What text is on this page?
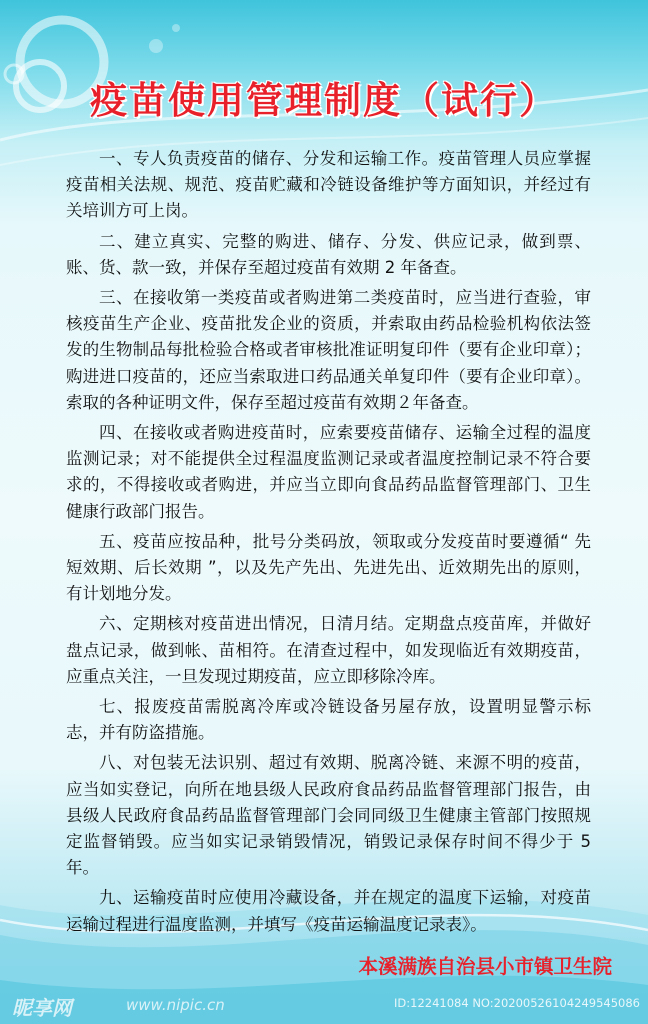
疫苗使用管理制度（试行）

一、专人负责疫苗的储存、分发和运输工作。疫苗管理人员应掌握疫苗相关法规、规范、疫苗贮藏和冷链设备维护等方面知识，并经过有关培训方可上岗。

二、建立真实、完整的购进、储存、分发、供应记录，做到票、账、货、款一致，并保存至超过疫苗有效期 2 年备查。

三、在接收第一类疫苗或者购进第二类疫苗时，应当进行查验，审核疫苗生产企业、疫苗批发企业的资质，并索取由药品检验机构依法签发的生物制品每批检验合格或者审核批准证明复印件（要有企业印章）；购进进口疫苗的，还应当索取进口药品通关单复印件（要有企业印章）。索取的各种证明文件，保存至超过疫苗有效期２年备查。

四、在接收或者购进疫苗时，应索要疫苗储存、运输全过程的温度监测记录；对不能提供全过程温度监测记录或者温度控制记录不符合要求的，不得接收或者购进，并应当立即向食品药品监督管理部门、卫生健康行政部门报告。

五、疫苗应按品种，批号分类码放，领取或分发疫苗时要遵循“ 先短效期、后长效期 ”，以及先产先出、先进先出、近效期先出的原则，有计划地分发。

六、定期核对疫苗进出情况，日清月结。定期盘点疫苗库，并做好盘点记录，做到帐、苗相符。在清查过程中，如发现临近有效期疫苗，应重点关注，一旦发现过期疫苗，应立即移除冷库。

七、报废疫苗需脱离冷库或冷链设备另屋存放，设置明显警示标志，并有防盗措施。

八、对包装无法识别、超过有效期、脱离冷链、来源不明的疫苗，应当如实登记，向所在地县级人民政府食品药品监督管理部门报告，由县级人民政府食品药品监督管理部门会同同级卫生健康主管部门按照规定监督销毁。应当如实记录销毁情况，销毁记录保存时间不得少于 5 年。

九、运输疫苗时应使用冷藏设备，并在规定的温度下运输，对疫苗运输过程进行温度监测，并填写《疫苗运输温度记录表》。

本溪满族自治县小市镇卫生院
昵享网	www.nipic.cn	ID:12241084 NO:20200526104249545086
